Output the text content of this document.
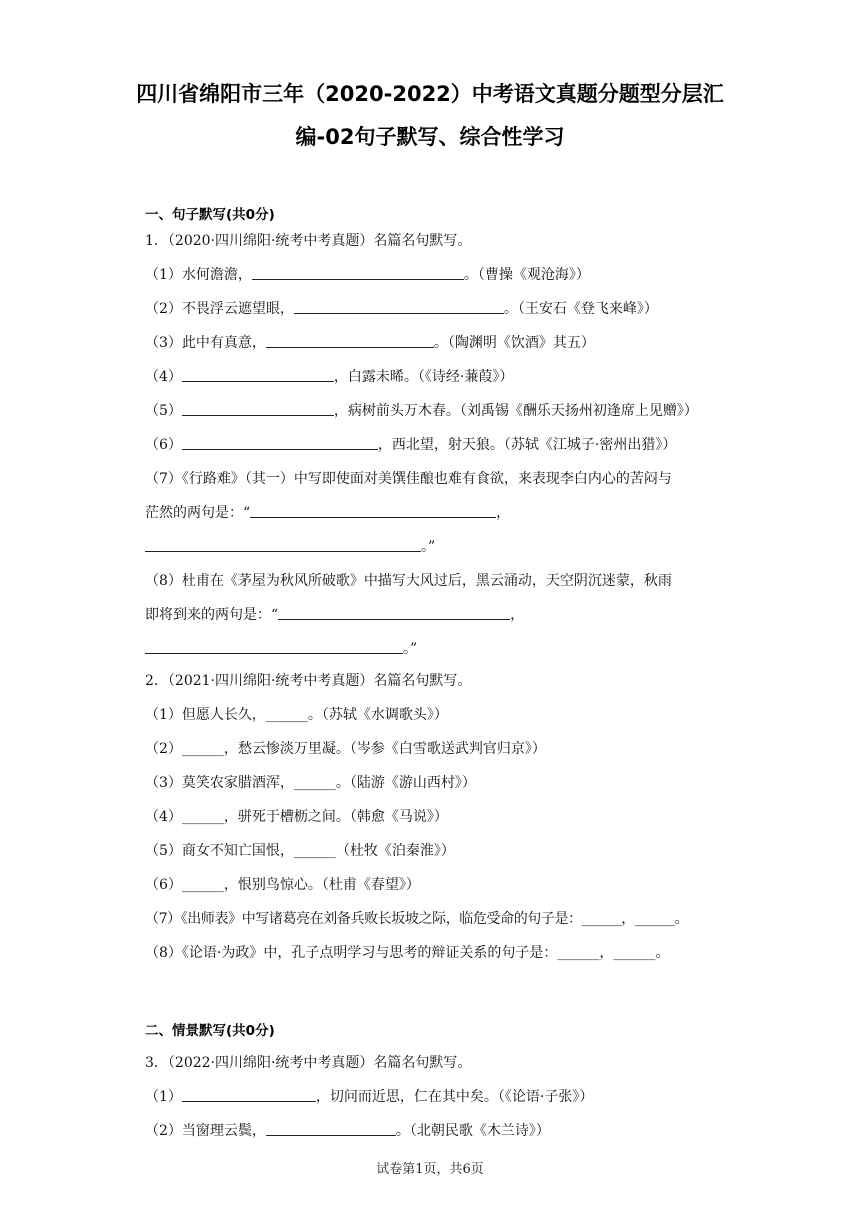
四川省绵阳市三年（2020-2022）中考语文真题分题型分层汇
编-02句子默写、综合性学习
一、句子默写(共0分)
1．（2020·四川绵阳·统考中考真题）名篇名句默写。
（1）水何澹澹，	。（曹操《观沧海》）
（2）不畏浮云遮望眼，	。（王安石《登飞来峰》）
（3）此中有真意，	。（陶渊明《饮酒》其五）
（4）	，白露未晞。（《诗经·蒹葭》）
（5）	，病树前头万木春。（刘禹锡《酬乐天扬州初逢席上见赠》）
（6）	，西北望，射天狼。（苏轼《江城子·密州出猎》）
（7）《行路难》（其一）中写即使面对美馔佳酿也难有食欲，来表现李白内心的苦闷与
茫然的两句是：“	，
。”
（8）杜甫在《茅屋为秋风所破歌》中描写大风过后，黑云涌动，天空阴沉迷蒙，秋雨
即将到来的两句是：“	，
。”
2．（2021·四川绵阳·统考中考真题）名篇名句默写。
（1）但愿人长久，______。（苏轼《水调歌头》）
（2）______，愁云惨淡万里凝。（岑参《白雪歌送武判官归京》）
（3）莫笑农家腊酒浑，______。（陆游《游山西村》）
（4）______，骈死于槽枥之间。（韩愈《马说》）
（5）商女不知亡国恨，______（杜牧《泊秦淮》）
（6）______，恨别鸟惊心。（杜甫《春望》）
（7）《出师表》中写诸葛亮在刘备兵败长坂坡之际，临危受命的句子是：______，______。
（8）《论语·为政》中，孔子点明学习与思考的辩证关系的句子是：______，______。
二、情景默写(共0分)
3．（2022·四川绵阳·统考中考真题）名篇名句默写。
（1）	，切问而近思，仁在其中矣。（《论语·子张》）
（2）当窗理云鬓，	。（北朝民歌《木兰诗》）
试卷第1页，共6页
